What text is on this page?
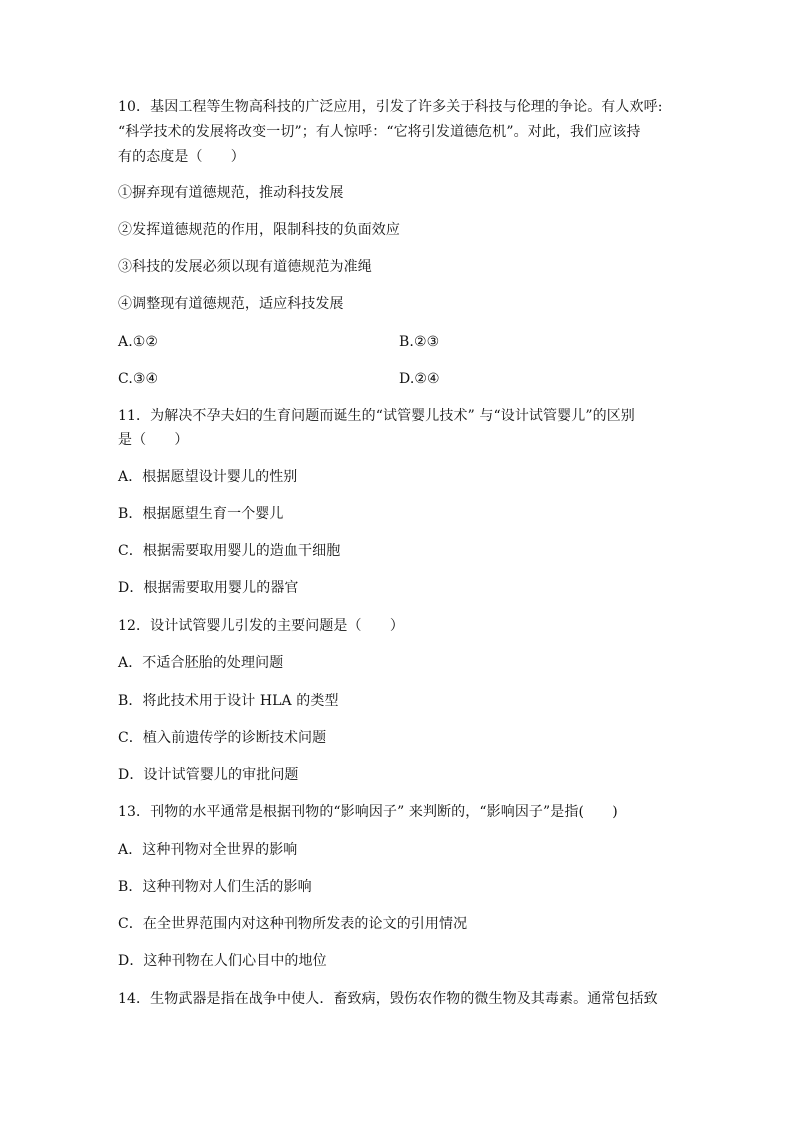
10．基因工程等生物高科技的广泛应用，引发了许多关于科技与伦理的争论。有人欢呼:
“科学技术的发展将改变一切”；有人惊呼：“它将引发道德危机”。对此，我们应该持
有的态度是（　　）
①摒弃现有道德规范，推动科技发展
②发挥道德规范的作用，限制科技的负面效应
③科技的发展必须以现有道德规范为准绳
④调整现有道德规范，适应科技发展
A.①②	B.②③
C.③④	D.②④
11．为解决不孕夫妇的生育问题而诞生的“试管婴儿技术” 与“设计试管婴儿”的区别
是（　　）
A．根据愿望设计婴儿的性别
B．根据愿望生育一个婴儿
C．根据需要取用婴儿的造血干细胞
D．根据需要取用婴儿的器官
12．设计试管婴儿引发的主要问题是（　　）
A．不适合胚胎的处理问题
B．将此技术用于设计 HLA 的类型
C．植入前遗传学的诊断技术问题
D．设计试管婴儿的审批问题
13．刊物的水平通常是根据刊物的“影响因子” 来判断的，“影响因子”是指(　　)
A．这种刊物对全世界的影响
B．这种刊物对人们生活的影响
C．在全世界范围内对这种刊物所发表的论文的引用情况
D．这种刊物在人们心目中的地位
14．生物武器是指在战争中使人．畜致病，毁伤农作物的微生物及其毒素。通常包括致
